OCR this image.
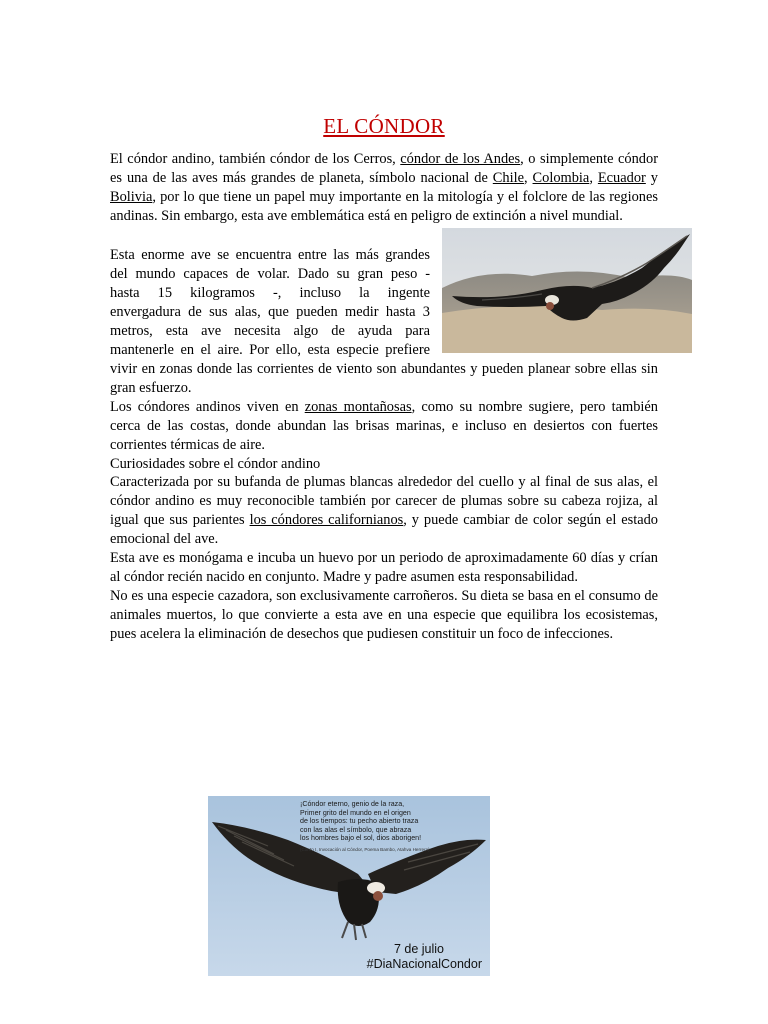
EL CÓNDOR

El cóndor andino, también cóndor de los Cerros, cóndor de los Andes, o simplemente cóndor es una de las aves más grandes de planeta, símbolo nacional de Chile, Colombia, Ecuador y Bolivia, por lo que tiene un papel muy importante en la mitología y el folclore de las regiones andinas. Sin embargo, esta ave emblemática está en peligro de extinción a nivel mundial.

Esta enorme ave se encuentra entre las más grandes

del mundo capaces de volar. Dado su gran peso -

hasta 15 kilogramos -, incluso la ingente

envergadura de sus alas, que pueden medir hasta 3

metros, esta ave necesita algo de ayuda para

mantenerle en el aire. Por ello, esta especie prefiere

vivir en zonas donde las corrientes de viento son abundantes y pueden planear sobre ellas sin gran esfuerzo.

Los cóndores andinos viven en zonas montañosas, como su nombre sugiere, pero también cerca de las costas, donde abundan las brisas marinas, e incluso en desiertos con fuertes corrientes térmicas de aire.

Curiosidades sobre el cóndor andino

Caracterizada por su bufanda de plumas blancas alrededor del cuello y al final de sus alas, el cóndor andino es muy reconocible también por carecer de plumas sobre su cabeza rojiza, al igual que sus parientes los cóndores californianos, y puede cambiar de color según el estado emocional del ave.

Esta ave es monógama e incuba un huevo por un periodo de aproximadamente 60 días y crían al cóndor recién nacido en conjunto. Madre y padre asumen esta responsabilidad.

No es una especie cazadora, son exclusivamente carroñeros. Su dieta se basa en el consumo de animales muertos, lo que convierte a esta ave en una especie que equilibra los ecosistemas, pues acelera la eliminación de desechos que pudiesen constituir un foco de infecciones.

¡Cóndor eterno, genio de la raza,
Primer grito del mundo en el origen
de los tiempos: tu pecho abierto traza
con las alas el símbolo, que abraza
los hombres bajo el sol, dios aborigen!
(Canto I, Invocación al Cóndor, Poema Bambo, Atahva Herrera)
7 de julio
#DiaNacionalCondor
